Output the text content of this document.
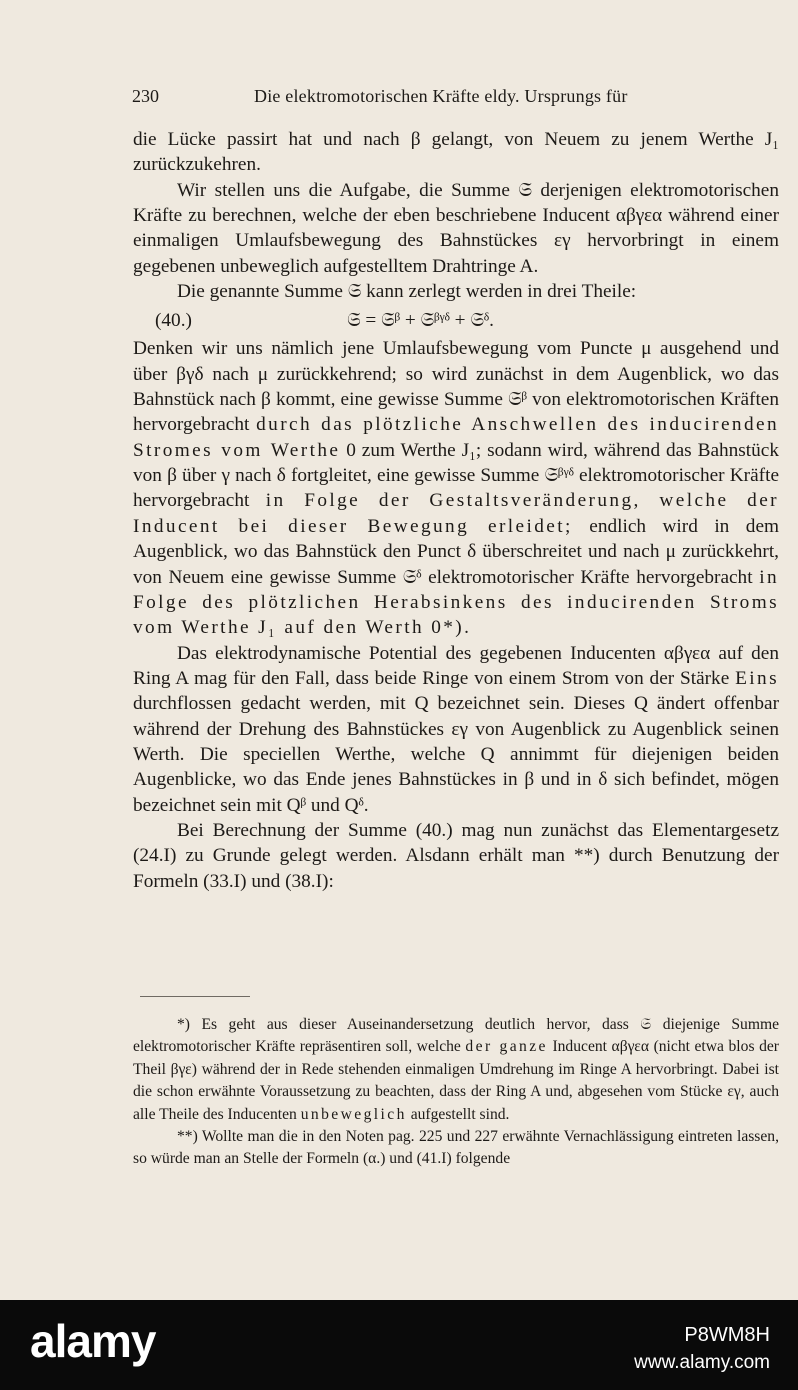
230	Die elektromotorischen Kräfte eldy. Ursprungs für

die Lücke passirt hat und nach β gelangt, von Neuem zu jenem Werthe J₁ zurückzukehren.

Wir stellen uns die Aufgabe, die Summe 𝔖 derjenigen elektromotorischen Kräfte zu berechnen, welche der eben beschriebene Inducent αβγεα während einer einmaligen Umlaufsbewegung des Bahnstückes εγ hervorbringt in einem gegebenen unbeweglich aufgestelltem Drahtringe A.

Die genannte Summe 𝔖 kann zerlegt werden in drei Theile:

(40.)	𝔖 = 𝔖ᵝ + 𝔖ᵝᵞᵟ + 𝔖ᵟ.

Denken wir uns nämlich jene Umlaufsbewegung vom Puncte μ ausgehend und über βγδ nach μ zurückkehrend; so wird zunächst in dem Augenblick, wo das Bahnstück nach β kommt, eine gewisse Summe 𝔖ᵝ von elektromotorischen Kräften hervorgebracht durch das plötzliche Anschwellen des inducirenden Stromes vom Werthe 0 zum Werthe J₁; sodann wird, während das Bahnstück von β über γ nach δ fortgleitet, eine gewisse Summe 𝔖ᵝᵞᵟ elektromotorischer Kräfte hervorgebracht in Folge der Gestaltsveränderung, welche der Inducent bei dieser Bewegung erleidet; endlich wird in dem Augenblick, wo das Bahnstück den Punct δ überschreitet und nach μ zurückkehrt, von Neuem eine gewisse Summe 𝔖ᵟ elektromotorischer Kräfte hervorgebracht in Folge des plötzlichen Herabsinkens des inducirenden Stroms vom Werthe J₁ auf den Werth 0*).

Das elektrodynamische Potential des gegebenen Inducenten αβγεα auf den Ring A mag für den Fall, dass beide Ringe von einem Strom von der Stärke Eins durchflossen gedacht werden, mit Q bezeichnet sein. Dieses Q ändert offenbar während der Drehung des Bahnstückes εγ von Augenblick zu Augenblick seinen Werth. Die speciellen Werthe, welche Q annimmt für diejenigen beiden Augenblicke, wo das Ende jenes Bahnstückes in β und in δ sich befindet, mögen bezeichnet sein mit Qᵝ und Qᵟ.

Bei Berechnung der Summe (40.) mag nun zunächst das Elementargesetz (24.I) zu Grunde gelegt werden. Alsdann erhält man **) durch Benutzung der Formeln (33.I) und (38.I):

*) Es geht aus dieser Auseinandersetzung deutlich hervor, dass 𝔖 diejenige Summe elektromotorischer Kräfte repräsentiren soll, welche der ganze Inducent αβγεα (nicht etwa blos der Theil βγε) während der in Rede stehenden einmaligen Umdrehung im Ringe A hervorbringt. Dabei ist die schon erwähnte Voraussetzung zu beachten, dass der Ring A und, abgesehen vom Stücke εγ, auch alle Theile des Inducenten unbeweglich aufgestellt sind.

**) Wollte man die in den Noten pag. 225 und 227 erwähnte Vernachlässigung eintreten lassen, so würde man an Stelle der Formeln (α.) und (41.I) folgende

alamy	P8WM8H
www.alamy.com
